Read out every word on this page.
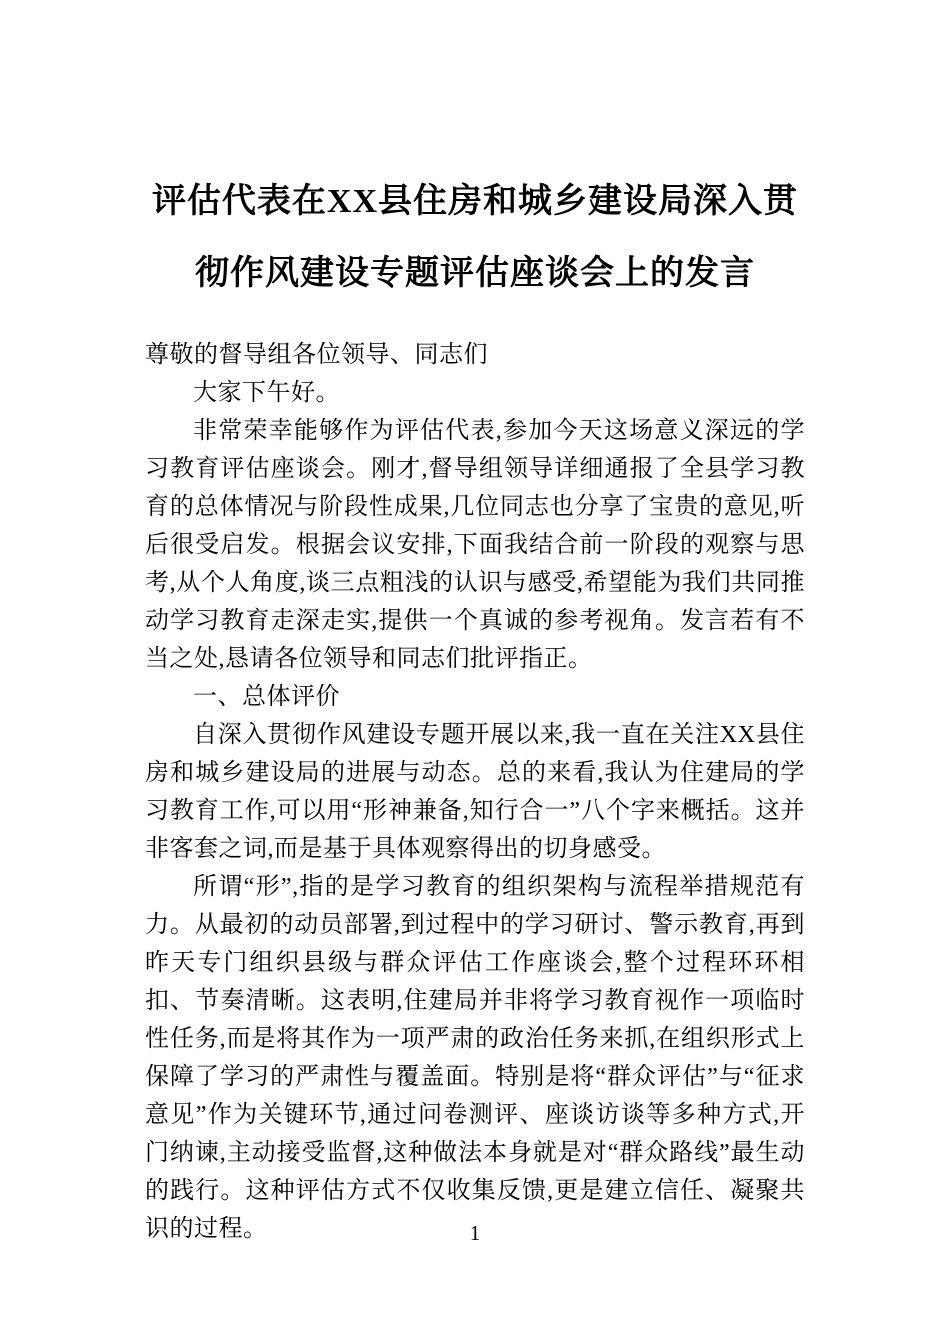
评估代表在XX县住房和城乡建设局深入贯
彻作风建设专题评估座谈会上的发言

尊敬的督导组各位领导、同志们

大家下午好。

非常荣幸能够作为评估代表,参加今天这场意义深远的学习教育评估座谈会。刚才,督导组领导详细通报了全县学习教育的总体情况与阶段性成果,几位同志也分享了宝贵的意见,听后很受启发。根据会议安排,下面我结合前一阶段的观察与思考,从个人角度,谈三点粗浅的认识与感受,希望能为我们共同推动学习教育走深走实,提供一个真诚的参考视角。发言若有不当之处,恳请各位领导和同志们批评指正。

一、总体评价

自深入贯彻作风建设专题开展以来,我一直在关注XX县住房和城乡建设局的进展与动态。总的来看,我认为住建局的学习教育工作,可以用“形神兼备,知行合一”八个字来概括。这并非客套之词,而是基于具体观察得出的切身感受。

所谓“形”,指的是学习教育的组织架构与流程举措规范有力。从最初的动员部署,到过程中的学习研讨、警示教育,再到昨天专门组织县级与群众评估工作座谈会,整个过程环环相扣、节奏清晰。这表明,住建局并非将学习教育视作一项临时性任务,而是将其作为一项严肃的政治任务来抓,在组织形式上保障了学习的严肃性与覆盖面。特别是将“群众评估”与“征求意见”作为关键环节,通过问卷测评、座谈访谈等多种方式,开门纳谏,主动接受监督,这种做法本身就是对“群众路线”最生动的践行。这种评估方式不仅收集反馈,更是建立信任、凝聚共识的过程。	1
